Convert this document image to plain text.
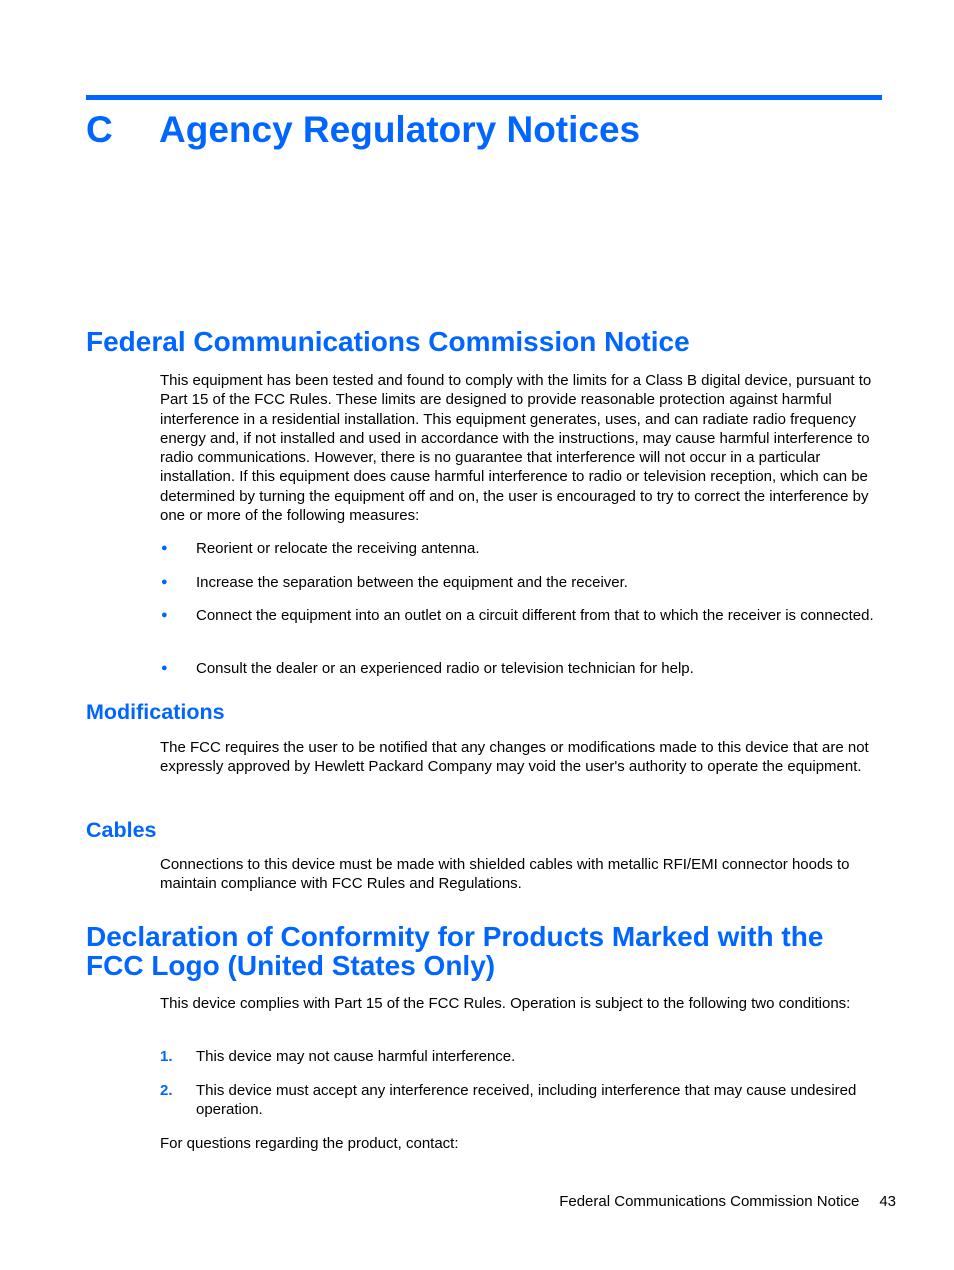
C Agency Regulatory Notices
Federal Communications Commission Notice

This equipment has been tested and found to comply with the limits for a Class B digital device, pursuant to Part 15 of the FCC Rules. These limits are designed to provide reasonable protection against harmful interference in a residential installation. This equipment generates, uses, and can radiate radio frequency energy and, if not installed and used in accordance with the instructions, may cause harmful interference to radio communications. However, there is no guarantee that interference will not occur in a particular installation. If this equipment does cause harmful interference to radio or television reception, which can be determined by turning the equipment off and on, the user is encouraged to try to correct the interference by one or more of the following measures:

● Reorient or relocate the receiving antenna.
● Increase the separation between the equipment and the receiver.
● Connect the equipment into an outlet on a circuit different from that to which the receiver is connected.
● Consult the dealer or an experienced radio or television technician for help.
Modifications

The FCC requires the user to be notified that any changes or modifications made to this device that are not expressly approved by Hewlett Packard Company may void the user's authority to operate the equipment.

Cables

Connections to this device must be made with shielded cables with metallic RFI/EMI connector hoods to maintain compliance with FCC Rules and Regulations.

Declaration of Conformity for Products Marked with the
FCC Logo (United States Only)

This device complies with Part 15 of the FCC Rules. Operation is subject to the following two conditions:

1. This device may not cause harmful interference.
2. This device must accept any interference received, including interference that may cause undesired operation.

For questions regarding the product, contact:

Federal Communications Commission Notice 43
